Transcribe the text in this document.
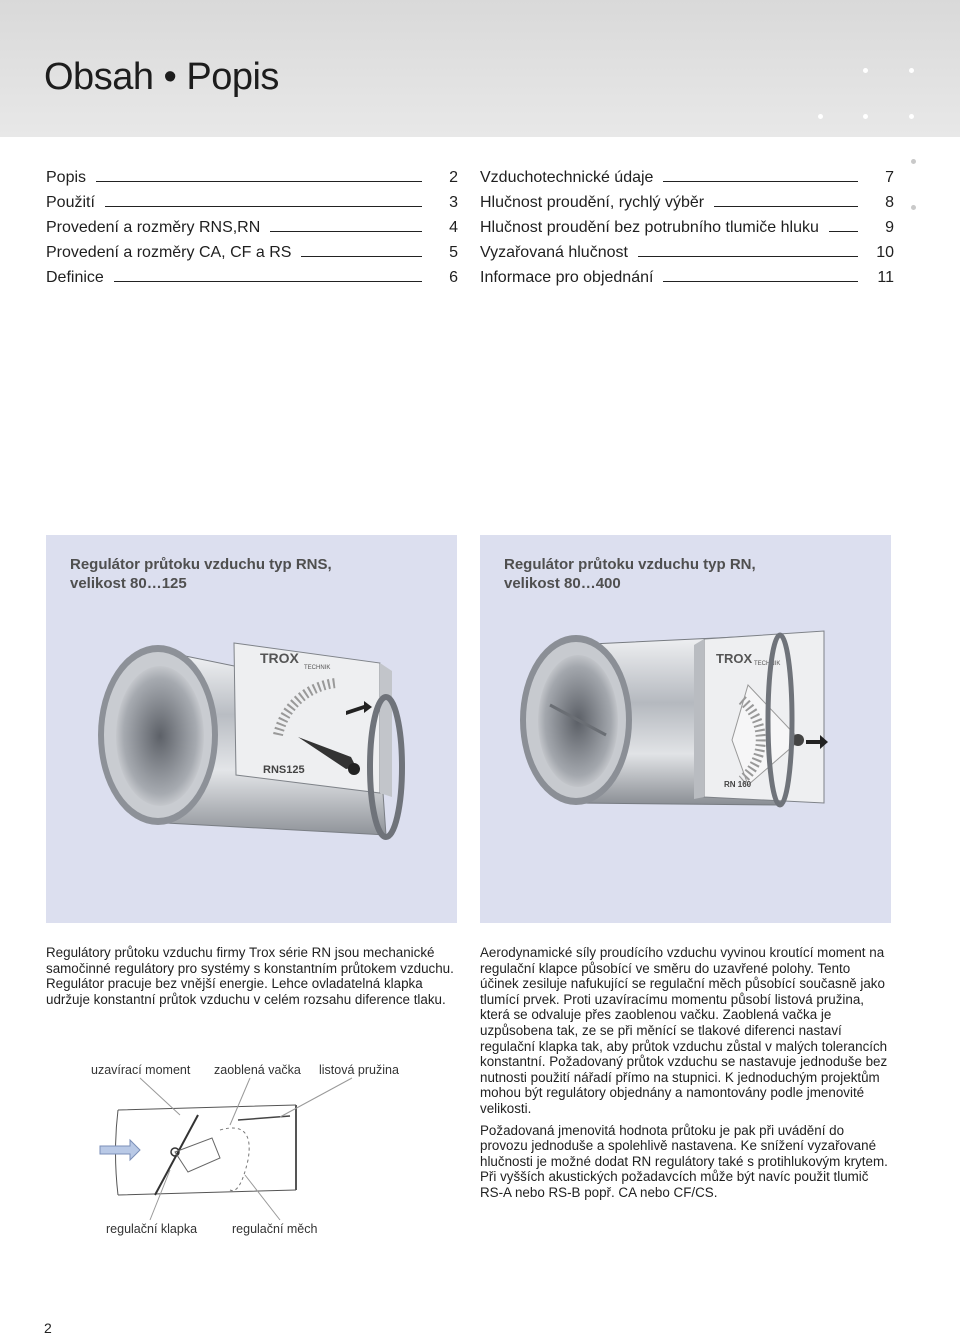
Obsah • Popis
Popis	2
Použití	3
Provedení a rozměry RNS,RN	4
Provedení a rozměry CA, CF a RS	5
Definice	6
Vzduchotechnické údaje	7
Hlučnost proudění, rychlý výběr	8
Hlučnost proudění bez potrubního tlumiče hluku	9
Vyzařovaná hlučnost	10
Informace pro objednání	11
Regulátor průtoku vzduchu typ RNS,
velikost 80…125
TROX
TECHNIK
RNS125
Regulátor průtoku vzduchu typ RN,
velikost 80…400
TROX TECHNIK
RN 160

Regulátory průtoku vzduchu firmy Trox série RN jsou mechanické samočinné regulátory pro systémy s konstantním průtokem vzduchu. Regulátor pracuje bez vnější energie. Lehce ovladatelná klapka udržuje konstantní průtok vzduchu v celém rozsahu diference tlaku.

Aerodynamické síly proudícího vzduchu vyvinou kroutící moment na regulační klapce působící ve směru do uzavřené polohy. Tento účinek zesiluje nafukující se regulační měch působící současně jako tlumící prvek. Proti uzavíracímu momentu působí listová pružina, která se odvaluje přes zaoblenou vačku. Zaoblená vačka je uzpůsobena tak, ze se při měnící se tlakové diferenci nastaví regulační klapka tak, aby průtok vzduchu zůstal v malých tolerancích konstantní. Požadovaný průtok vzduchu se nastavuje jednoduše bez nutnosti použití nářadí přímo na stupnici. K jednoduchým projektům mohou být regulátory objednány a namontovány podle jmenovité velikosti.

Požadovaná jmenovitá hodnota průtoku je pak při uvádění do provozu jednoduše a spolehlivě nastavena. Ke snížení vyzařované hlučnosti je možné dodat RN regulátory také s protihlukovým krytem. Při vyšších akustických požadavcích může být navíc použit tlumič RS-A nebo RS-B popř. CA nebo CF/CS.

uzavírací moment zaoblená vačka listová pružina
regulační klapka	regulační měch
2
